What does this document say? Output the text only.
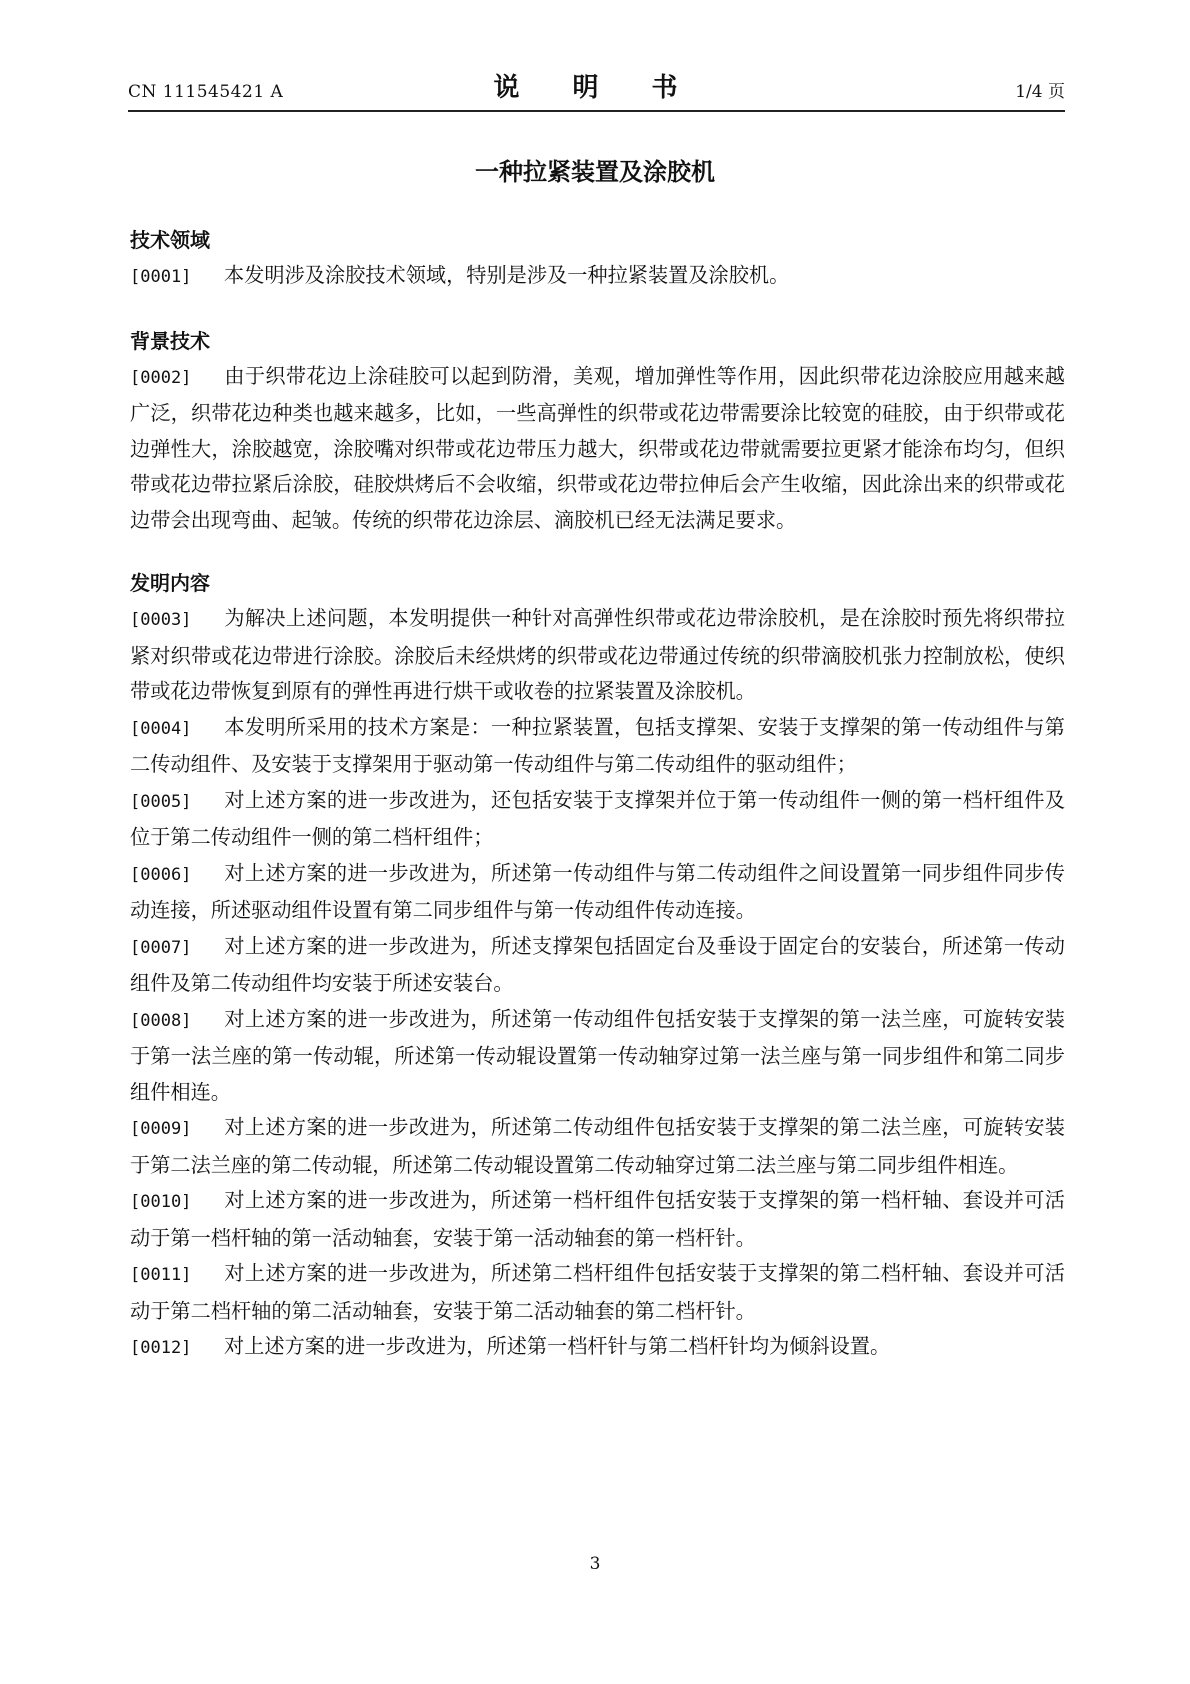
CN 111545421 A	说 明 书	1/4 页
一种拉紧装置及涂胶机
技术领域

[0001] 本发明涉及涂胶技术领域，特别是涉及一种拉紧装置及涂胶机。

背景技术

[0002] 由于织带花边上涂硅胶可以起到防滑，美观，增加弹性等作用，因此织带花边涂胶应用越来越广泛，织带花边种类也越来越多，比如，一些高弹性的织带或花边带需要涂比较宽的硅胶，由于织带或花边弹性大，涂胶越宽，涂胶嘴对织带或花边带压力越大，织带或花边带就需要拉更紧才能涂布均匀，但织带或花边带拉紧后涂胶，硅胶烘烤后不会收缩，织带或花边带拉伸后会产生收缩，因此涂出来的织带或花边带会出现弯曲、起皱。传统的织带花边涂层、滴胶机已经无法满足要求。

发明内容

[0003] 为解决上述问题，本发明提供一种针对高弹性织带或花边带涂胶机，是在涂胶时预先将织带拉紧对织带或花边带进行涂胶。涂胶后未经烘烤的织带或花边带通过传统的织带滴胶机张力控制放松，使织带或花边带恢复到原有的弹性再进行烘干或收卷的拉紧装置及涂胶机。

[0004] 本发明所采用的技术方案是：一种拉紧装置，包括支撑架、安装于支撑架的第一传动组件与第二传动组件、及安装于支撑架用于驱动第一传动组件与第二传动组件的驱动组件；

[0005] 对上述方案的进一步改进为，还包括安装于支撑架并位于第一传动组件一侧的第一档杆组件及位于第二传动组件一侧的第二档杆组件；

[0006] 对上述方案的进一步改进为，所述第一传动组件与第二传动组件之间设置第一同步组件同步传动连接，所述驱动组件设置有第二同步组件与第一传动组件传动连接。

[0007] 对上述方案的进一步改进为，所述支撑架包括固定台及垂设于固定台的安装台，所述第一传动组件及第二传动组件均安装于所述安装台。

[0008] 对上述方案的进一步改进为，所述第一传动组件包括安装于支撑架的第一法兰座，可旋转安装于第一法兰座的第一传动辊，所述第一传动辊设置第一传动轴穿过第一法兰座与第一同步组件和第二同步组件相连。

[0009] 对上述方案的进一步改进为，所述第二传动组件包括安装于支撑架的第二法兰座，可旋转安装于第二法兰座的第二传动辊，所述第二传动辊设置第二传动轴穿过第二法兰座与第二同步组件相连。

[0010] 对上述方案的进一步改进为，所述第一档杆组件包括安装于支撑架的第一档杆轴、套设并可活动于第一档杆轴的第一活动轴套，安装于第一活动轴套的第一档杆针。

[0011] 对上述方案的进一步改进为，所述第二档杆组件包括安装于支撑架的第二档杆轴、套设并可活动于第二档杆轴的第二活动轴套，安装于第二活动轴套的第二档杆针。

[0012] 对上述方案的进一步改进为，所述第一档杆针与第二档杆针均为倾斜设置。

3
